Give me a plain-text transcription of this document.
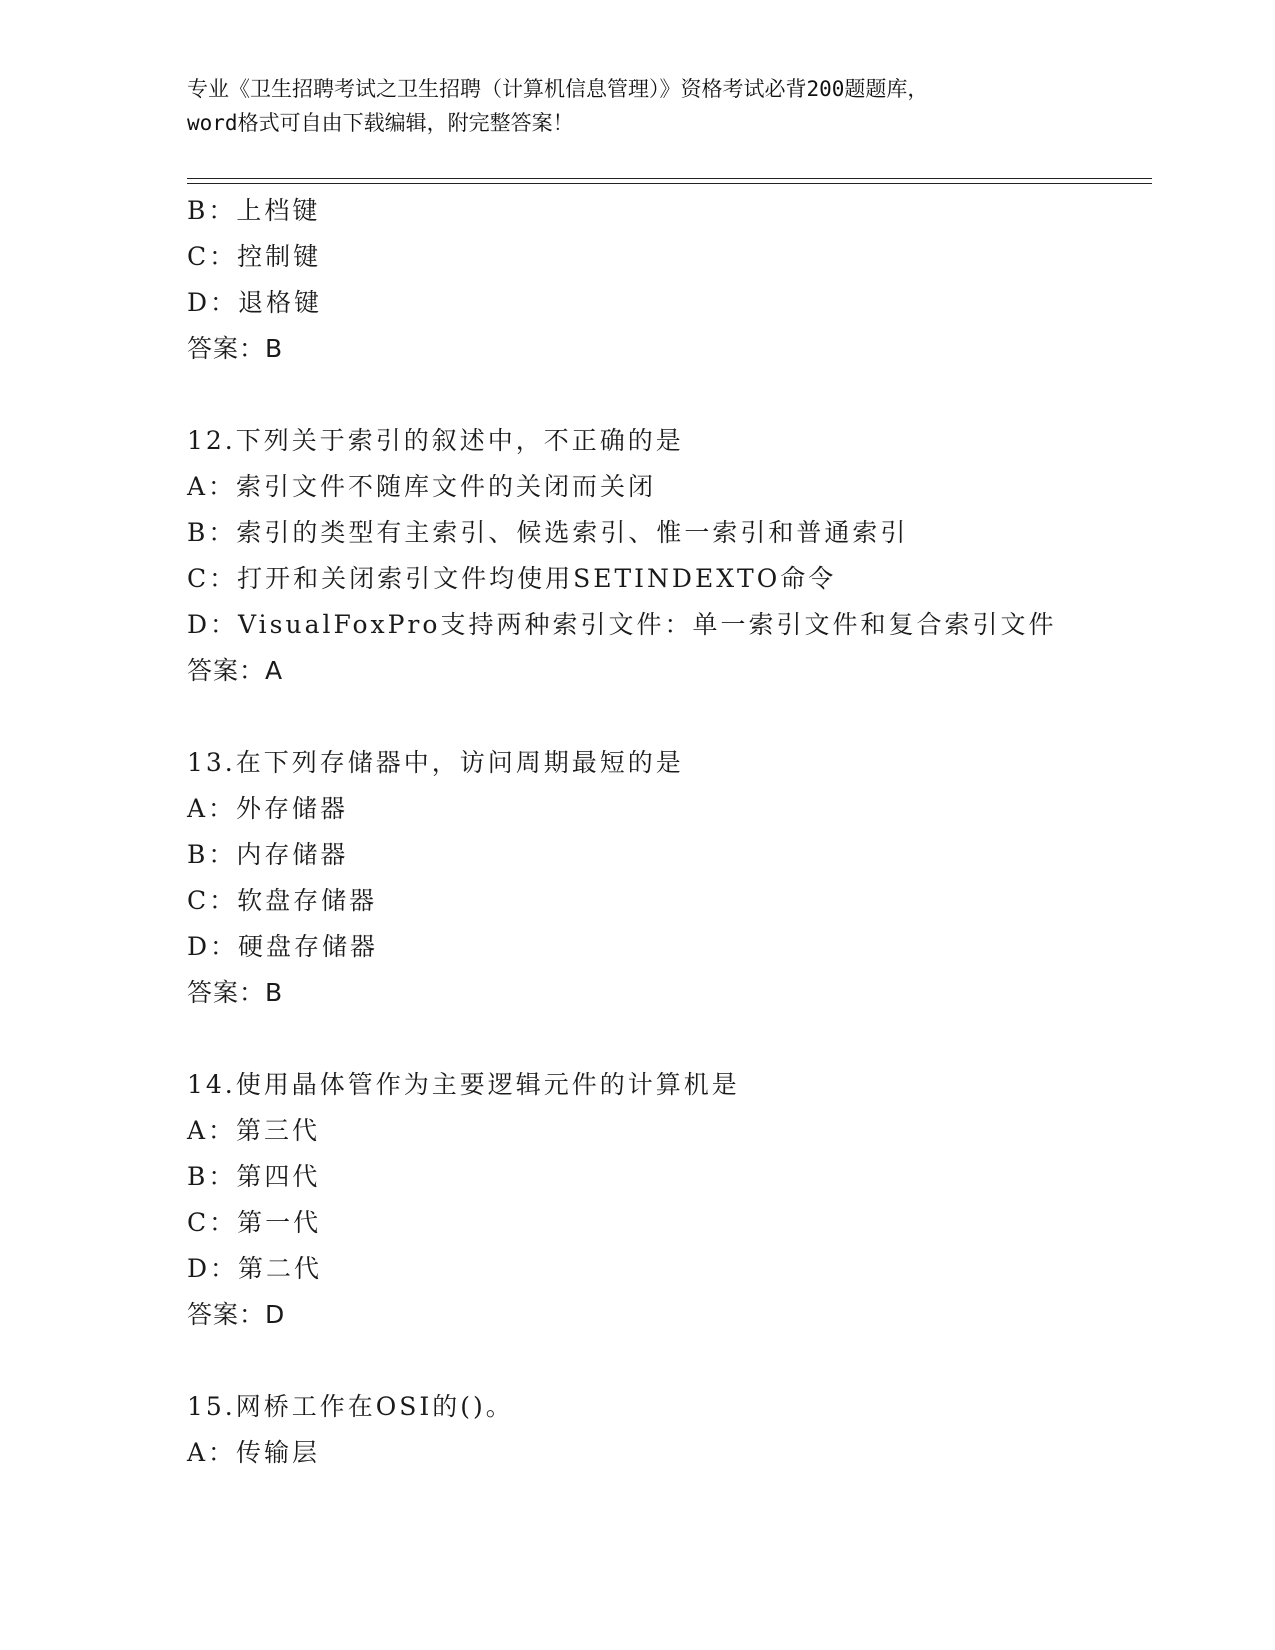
专业《卫生招聘考试之卫生招聘（计算机信息管理）》资格考试必背200题题库，
word格式可自由下载编辑，附完整答案！
B：上档键
C：控制键
D：退格键
答案：B
12.下列关于索引的叙述中，不正确的是
A：索引文件不随库文件的关闭而关闭
B：索引的类型有主索引、候选索引、惟一索引和普通索引
C：打开和关闭索引文件均使用SETINDEXTO命令
D：VisualFoxPro支持两种索引文件：单一索引文件和复合索引文件
答案：A
13.在下列存储器中，访问周期最短的是
A：外存储器
B：内存储器
C：软盘存储器
D：硬盘存储器
答案：B
14.使用晶体管作为主要逻辑元件的计算机是
A：第三代
B：第四代
C：第一代
D：第二代
答案：D
15.网桥工作在OSI的()。
A：传输层
